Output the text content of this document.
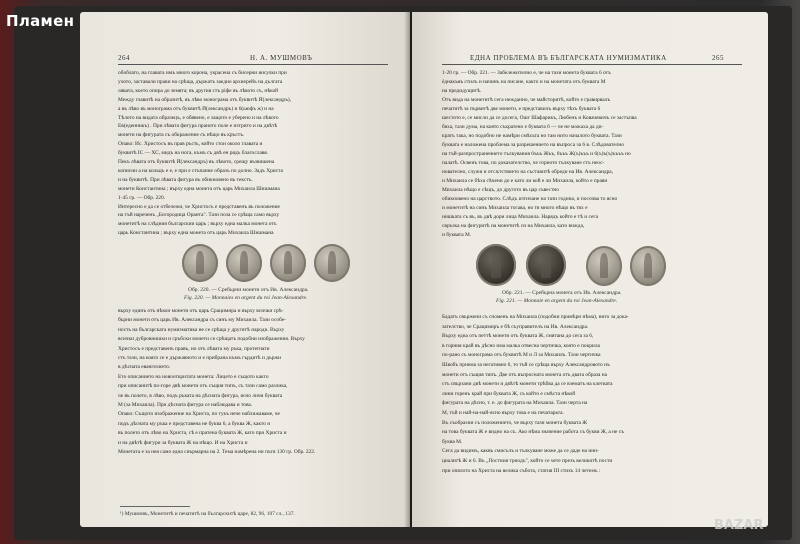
264	Н. А. МУШМОВЪ
обоблато, на главата имъ много корона, украсена съ бисерни висулки при
ухото, заставали прави на срѣща, държатъ заедно архиерейъ на дългата
лявата, което опира до земята; въ другия стъ ріфе въ лѣвото съ, нѣкой
Между главитѣ на образитѣ, въ лѣво монограма отъ буквитѣ Й(лександръ),
а въ лѣво въ монограма отъ буквитѣ Й(лександръ) и 6(ьюфъ ж) и на
Тѣлото на видата образецъ, е обявено, е защото е уберено и на лѣвото
Ев(еденникъ) . При лѣвата фигура праното поле е изтрито и на двѣтѣ
монети на фигурата съ обкражение съ нѣщо въ кръстъ.
Опако: Ис. Христосъ въ прав ръсть, който стои около главата и
буквитѣ ІС — ХС, мидъ на нога, къмъ съ двѣ ен рядъ благославя.
Пекъ лѣвата отъ буквитѣ Й(лександръ) въ лѣвото, срещу възвишена
кописни а на кольцъ е е, е при е стъпанне образъ по долно. Задъ Христа
и на буквитѣ. При лѣвата фигура въ обикновено въ текстъ.
монети Константина ; върху една монета отъ царь Михаила Шишмана
1·45 гр. — Обр. 220.
Интересно е да се отбележи, че Христосъ е представенъ въ положение
на тъй нареченъ „Богородица Оранта". Тази поза се срѣща само върху
монетитѣ на слѣдния българскии царь ; върху една малка монета отъ
царь Константина ; върху една монета отъ царь Михаила Шишмана
Обр. 220. — Сребърни монети отъ Ив. Александра.
Fig. 220. — Monnaies en argent du roi Jean-Alexandre.
върху единъ отъ нѣкои монети отъ царь Срацимира и върху всички срѣ-
бърни монети отъ царь Ив. Александра съ синъ му Михаила. Тази особе-
ность на българската нумизматика не се срѣща у другитѣ народи. Върху
всички дубровнишки и сръбски монети се срѣщатъ подобни изображения. Върху
Христосъ е представенъ правъ, но отъ лѣвата му ръка, протегнати
стъ тази, на кояго се е държавното и е прибрана къмъ гърдитѣ и държи
в дѣсната евангелието.
Ето описанието на новооткритата монета: Лицето е същото както
при описанитѣ по-горе двѣ монети отъ същия типъ, съ тази само разлика,
че въ полето, в лѣво, подъ ръката на дѣсната фигура, ясно личи буквата
М (за Михаила). При дѣсната фигура се наблюдава и това.
Опако: Същото изображение на Христа, по тукъ нече наближаваме, че
подъ дѣсната му ръка е представена не буква 6, а буква Ж, както и
въ полето отъ лѣво на Христа, сѣ е пратена буквата Ж, като при Христа и
и на двѣтѣ фигури за буквата Ж на нѣщо. И на Христа и
Монетата е за нея само една сиърмарна на 2. Тема намѣрена ни пътя 130 гр. Обр. 222.
¹) Мушмовъ, Монетитѣ и печатитѣ на българскитѣ царе, 82, 96, 107 сл., 137.
ЕДНА ПРОБЛЕМА ВЪ БЪЛГАРСКАТА НУМИЗМАТИКА	265
1·20 гр. — Обр. 221. — Забележително е, че на тази монета буквата 6 отъ
ѐднакъвъ стилъ и начинъ на писане, както и на монетата отъ буквата М
на предидущитѣ.
Отъ вида на монетитѣ сега нежданно, че майсторитѣ, който е гравирвалъ
печатитѣ за първитѣ две монети, е представилъ върху тѣхъ буквата 6
шестото е, се мисли да се досега, Ошг Шафарикъ, Любенъ и Ковачевичъ се застъпва
бяха, тази дума, на която съкратено е буквата 6 — че не можаха да ди-
кратъ така, но подобно не намѣри смѣсьта но там нито началото буквата. Тази
буквата е наложена проблема за разрешението на въпроса за 6 в. Слѣдователно
на тъй-разпространението тълкувания 6ъъъ Жъъ, 6ъъъ Ж(ъ)ъъъ и 6(ъ)ъ(ъ)ъъъъ но
палатѣ. Освенъ това, по доказателство, че горното тълкуване стъ неос-
нователно, служи и отсѫтствието на съставитѣ обреди на Ив. Александра,
и Михаила се бѣха сѣчени до е като ли кой е ли Михаила, който е прави
Михаила нѣщо е сѣщъ, до другото въ цар съвестно
обикновено на царството. Слѣдъ изтичане на тази година, и посочва то ясно
и монетитѣ на синъ Михаила тогава, но тя много нѣщо въ тях е
нишката съ въ, въ двѣ дори лица Михаила. Нарядъ който е тѣ и сега
свръзка на фигуритѣ на монетитѣ си на Михаила, като вижда,
и буквата М.
Обр. 221. — Сребърна монета отъ Ив. Александра.
Fig. 221. — Monnaie en argent du roi Jean-Alexandre.
Бадатъ свържени съ споменъ на Михаила (подобни примѣри нѣма), нито за дока-
зателство, че Срацимиръ е бѣ съуправителъ на Ив. Александра.
Върху една отъ петтѣ монети отъ буквата Ж, смятана до сега за 6,
в горния край въ дѣсно има малка отвесна чертичка, която е покрила
по-рано съ монограма отъ буквитѣ М и Л за Михаилъ. Тази чертичка
Швобъ приема за негативно 6, то тъй се срѣща върху Александровото нъ
монети отъ същия типъ. Две отъ въпросната монета отъ двата образа на
стъ свързани двѣ монети и двѣтѣ монети трѣбва да се взематъ на клетвата
лини горенъ край при буквата Ж, съ който е смѣста нѣкой
фигурата на дѣсно, т. е. до фигурата на Михаила. Тази черта на
М, тъй и най-на-най-ясно върху това е на печатарьта.
Въ съобразни съ положението, че върху тази монета буквата Ж
на това буквата Ж е видно на съ. Ако нѣма значение работа съ букви Ж, а не съ
буква М.
Сега да видимъ, каквъ смисълъ и тълкуване може да се даде на ини-
циалитѣ Ж и 6. Въ „Постния триодъ", който се чете презъ великитѣ пости
при опялото на Христа на велика събота, статия III стихъ 14 четемъ :
Пламен
BAZAR
